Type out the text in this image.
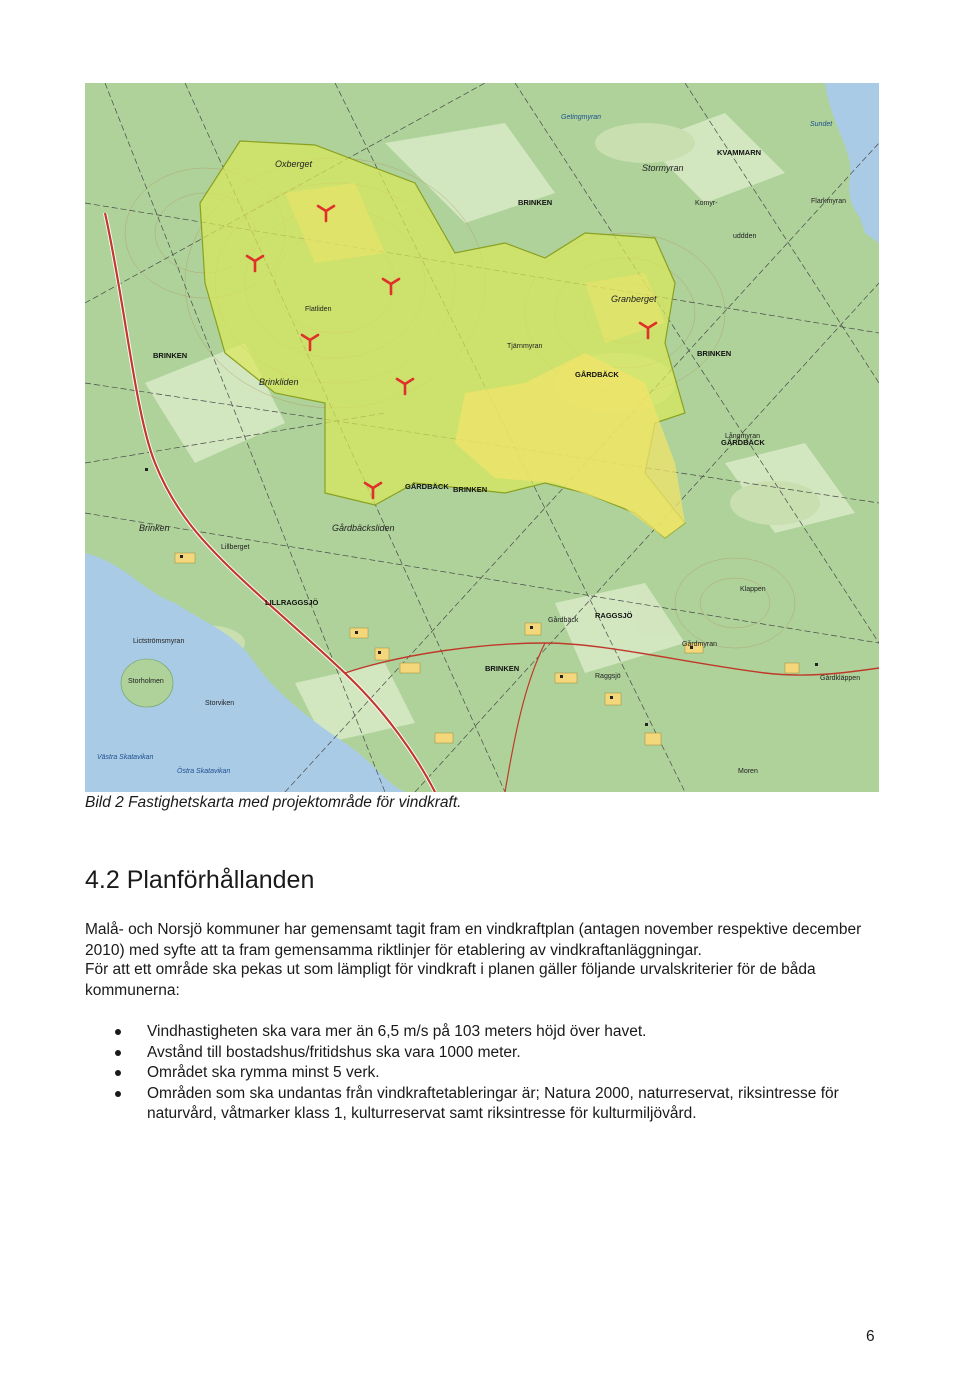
KVAMMARN
Stormyran
Getingmyran
Sundet
Komyr-
uddden
Flarkmyran
Oxberget
Granberget
Flatliden
BRINKEN
BRINKEN
BRINKEN
BRINKEN
BRINKEN
Brinkliden
Tjärnmyran
GÅRDBÄCK
GÅRDBÄCK
GÅRDBÄCK
Långmyran
Gårdbäcksliden
Brinken
Lillberget
LILLRAGGSJÖ
RAGGSJÖ
Gårdbäck
Gårdmyran
Klappen
Gårdkläppen
Raggsjö
Lictströmsmyran
Storholmen
Storviken
Västra Skatavikan
Östra Skatavikan	Moren
Bild 2 Fastighetskarta med projektområde för vindkraft.
4.2 Planförhållanden

Malå- och Norsjö kommuner har gemensamt tagit fram en vindkraftplan (antagen november respektive december 2010) med syfte att ta fram gemensamma riktlinjer för etablering av vindkraftanläggningar.

För att ett område ska pekas ut som lämpligt för vindkraft i planen gäller följande urvalskriterier för de båda kommunerna:

Vindhastigheten ska vara mer än 6,5 m/s på 103 meters höjd över havet.
Avstånd till bostadshus/fritidshus ska vara 1000 meter.
Området ska rymma minst 5 verk.
Områden som ska undantas från vindkraftetableringar är; Natura 2000, naturreservat, riksintresse för naturvård, våtmarker klass 1, kulturreservat samt riksintresse för kulturmiljövård.
6
